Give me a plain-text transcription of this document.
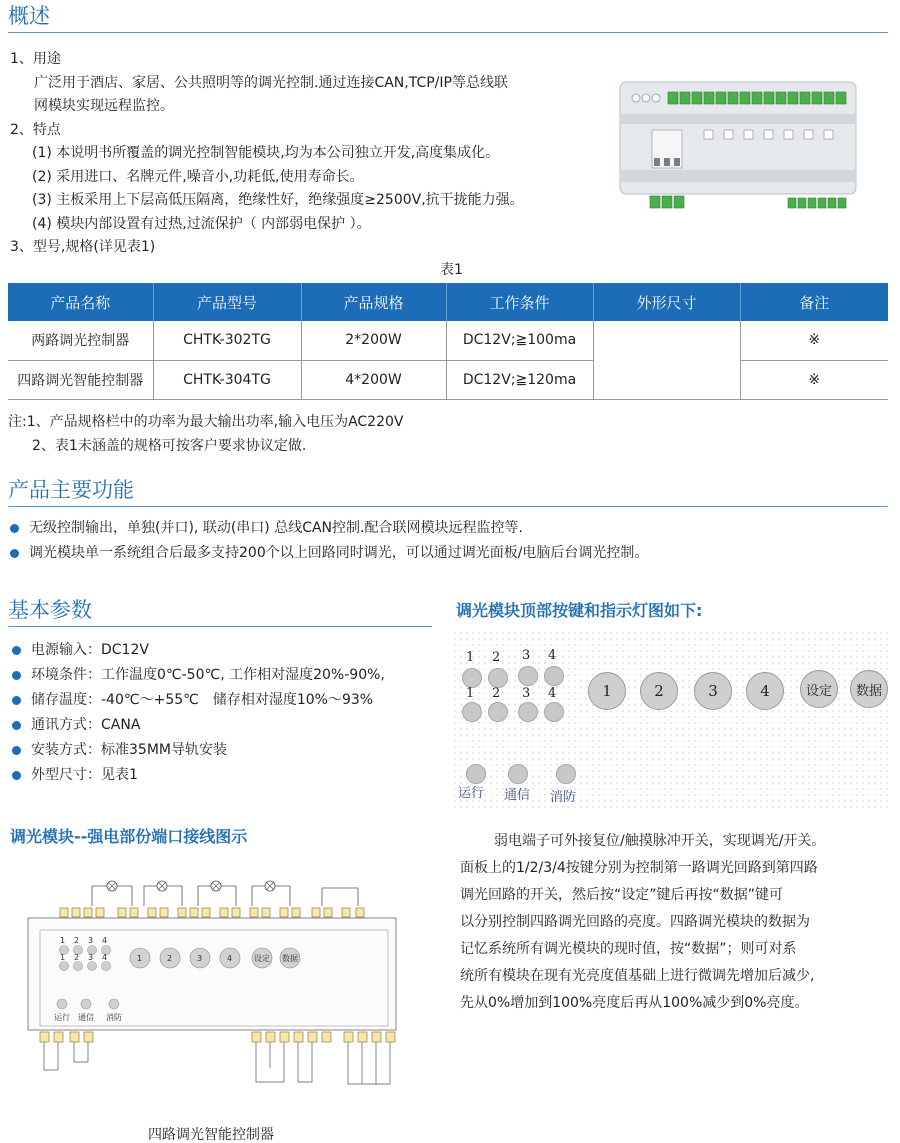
概述
1、用途
广泛用于酒店、家居、公共照明等的调光控制.通过连接CAN,TCP/IP等总线联
网模块实现远程监控。
2、特点
(1) 本说明书所覆盖的调光控制智能模块,均为本公司独立开发,高度集成化。
(2) 采用进口、名牌元件,噪音小,功耗低,使用寿命长。
(3) 主板采用上下层高低压隔离，绝缘性好，绝缘强度≥2500V,抗干拢能力强。
(4) 模块内部设置有过热,过流保护（ 内部弱电保护 ）。
3、型号,规格(详见表1)
表1
产品名称	产品型号	产品规格	工作条件	外形尺寸	备注
两路调光控制器	CHTK-302TG	2*200W	DC12V;≧100ma		※
四路调光智能控制器	CHTK-304TG	4*200W	DC12V;≧120ma		※
注:1、产品规格栏中的功率为最大输出功率,输入电压为AC220V
2、表1未涵盖的规格可按客户要求协议定做.
产品主要功能
无级控制输出，单独(并口), 联动(串口) 总线CAN控制.配合联网模块远程监控等.
调光模块单一系统组合后最多支持200个以上回路同时调光，可以通过调光面板/电脑后台调光控制。
基本参数
电源输入：DC12V
环境条件：工作温度0℃-50℃, 工作相对湿度20%-90%,
储存温度：-40℃～+55℃　储存相对湿度10%～93%
通讯方式：CANA
安装方式：标准35MM导轨安装
外型尺寸：见表1
调光模块顶部按键和指示灯图如下:
1 2 3 4
1 2 3 4	1	2	3	4	设定	数据
运行 通信 消防
调光模块--强电部份端口接线图示
1 2 3 4
1 2 3 4	1	2	3	4	设定 数据
运行 通信 消防
四路调光智能控制器
弱电端子可外接复位/触摸脉冲开关，实现调光/开关。
面板上的1/2/3/4按键分别为控制第一路调光回路到第四路
调光回路的开关，然后按“设定”键后再按“数据”键可
以分别控制四路调光回路的亮度。四路调光模块的数据为
记忆系统所有调光模块的现时值，按“数据”；则可对系
统所有模块在现有光亮度值基础上进行微调先增加后减少,
先从0%增加到100%亮度后再从100%减少到0%亮度。
